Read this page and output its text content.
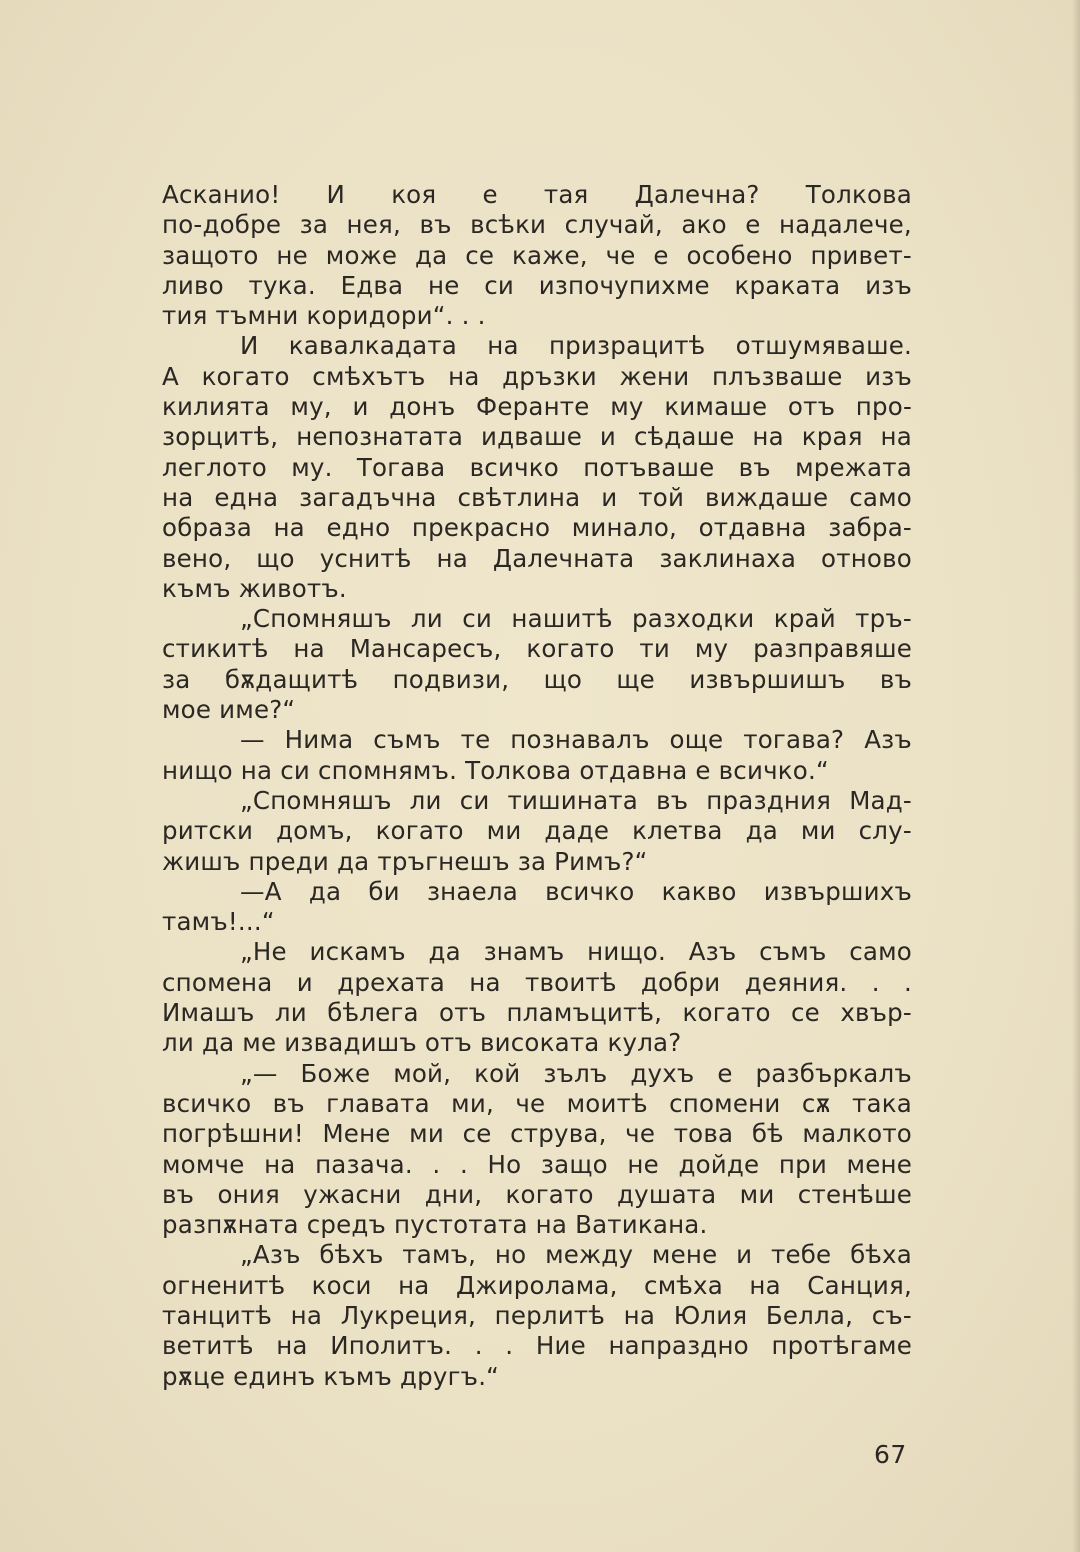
Асканио! И коя е тая Далечна? Толкова
по-добре за нея, въ всѣки случай, ако е надалече,
защото не може да се каже, че е особено привет-
ливо тука. Едва не си изпочупихме краката изъ
тия тъмни коридори“. . .
И кавалкадата на призрацитѣ отшумяваше.
А когато смѣхътъ на дръзки жени плъзваше изъ
килията му, и донъ Феранте му кимаше отъ про-
зорцитѣ, непознатата идваше и сѣдаше на края на
леглото му. Тогава всичко потъваше въ мрежата
на една загадъчна свѣтлина и той виждаше само
образа на едно прекрасно минало, отдавна забра-
вено, що уснитѣ на Далечната заклинаха отново
къмъ животъ.
„Спомняшъ ли си нашитѣ разходки край тръ-
стикитѣ на Мансаресъ, когато ти му разправяше
за бѫдащитѣ подвизи, що ще извършишъ въ
мое име?“
— Нима съмъ те познавалъ още тогава? Азъ
нищо на си спомнямъ. Толкова отдавна е всичко.“
„Спомняшъ ли си тишината въ праздния Мад-
ритски домъ, когато ми даде клетва да ми слу-
жишъ преди да тръгнешъ за Римъ?“
—А да би знаела всичко какво извършихъ
тамъ!...“
„Не искамъ да знамъ нищо. Азъ съмъ само
спомена и дрехата на твоитѣ добри деяния. . .
Имашъ ли бѣлега отъ пламъцитѣ, когато се хвър-
ли да ме извадишъ отъ високата кула?
„— Боже мой, кой зълъ духъ е разбъркалъ
всичко въ главата ми, че моитѣ спомени сѫ така
погрѣшни! Мене ми се струва, че това бѣ малкото
момче на пазача. . . Но защо не дойде при мене
въ ония ужасни дни, когато душата ми стенѣше
разпѫната средъ пустотата на Ватикана.
„Азъ бѣхъ тамъ, но между мене и тебе бѣха
огненитѣ коси на Джиролама, смѣха на Санция,
танцитѣ на Лукреция, перлитѣ на Юлия Белла, съ-
ветитѣ на Иполитъ. . . Ние напраздно протѣгаме
рѫце единъ къмъ другъ.“
67
